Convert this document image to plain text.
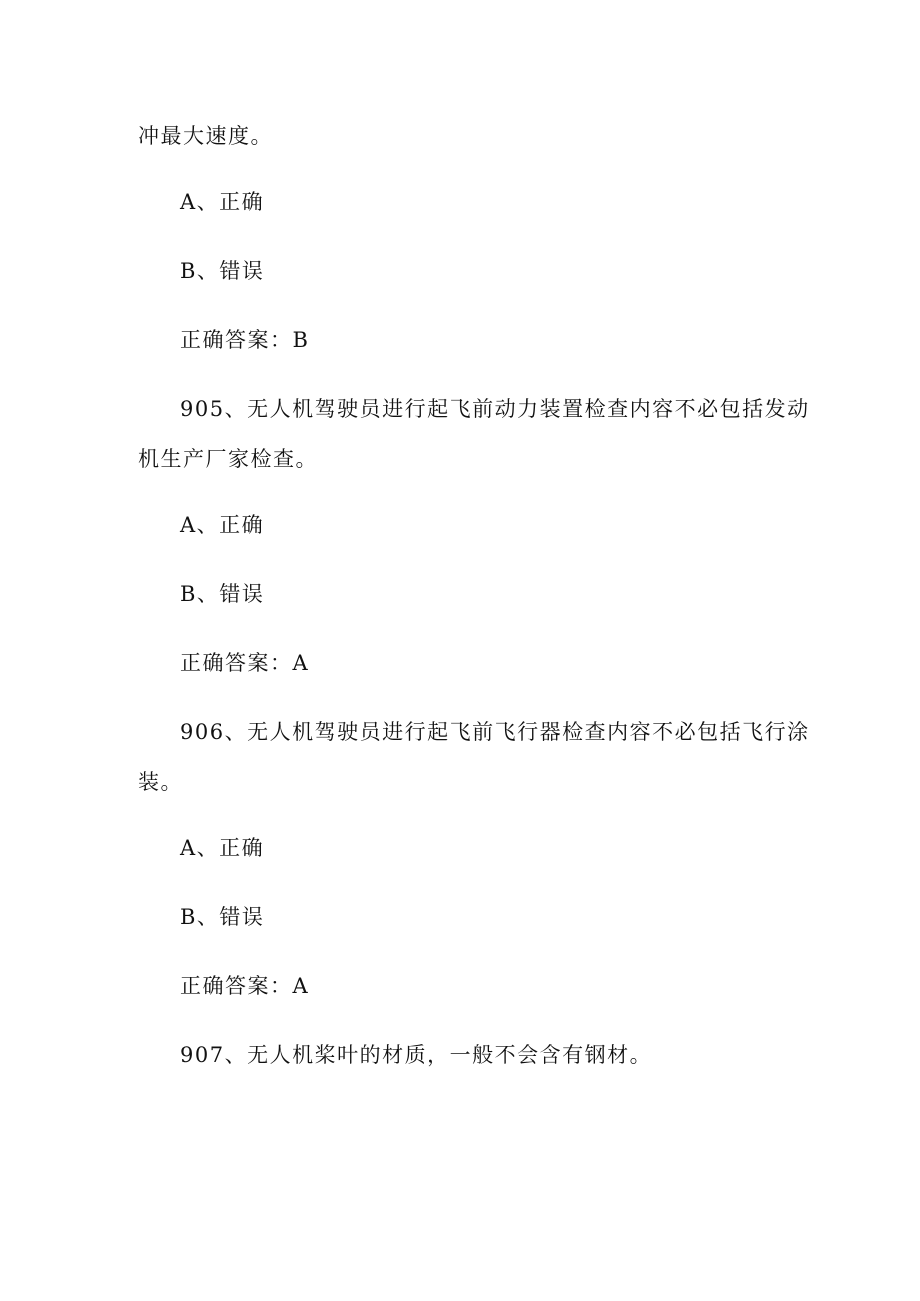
冲最大速度。
A、正确
B、错误
正确答案：B
905、无人机驾驶员进行起飞前动力装置检查内容不必包括发动
机生产厂家检查。
A、正确
B、错误
正确答案：A
906、无人机驾驶员进行起飞前飞行器检查内容不必包括飞行涂
装。
A、正确
B、错误
正确答案：A
907、无人机桨叶的材质，一般不会含有钢材。
